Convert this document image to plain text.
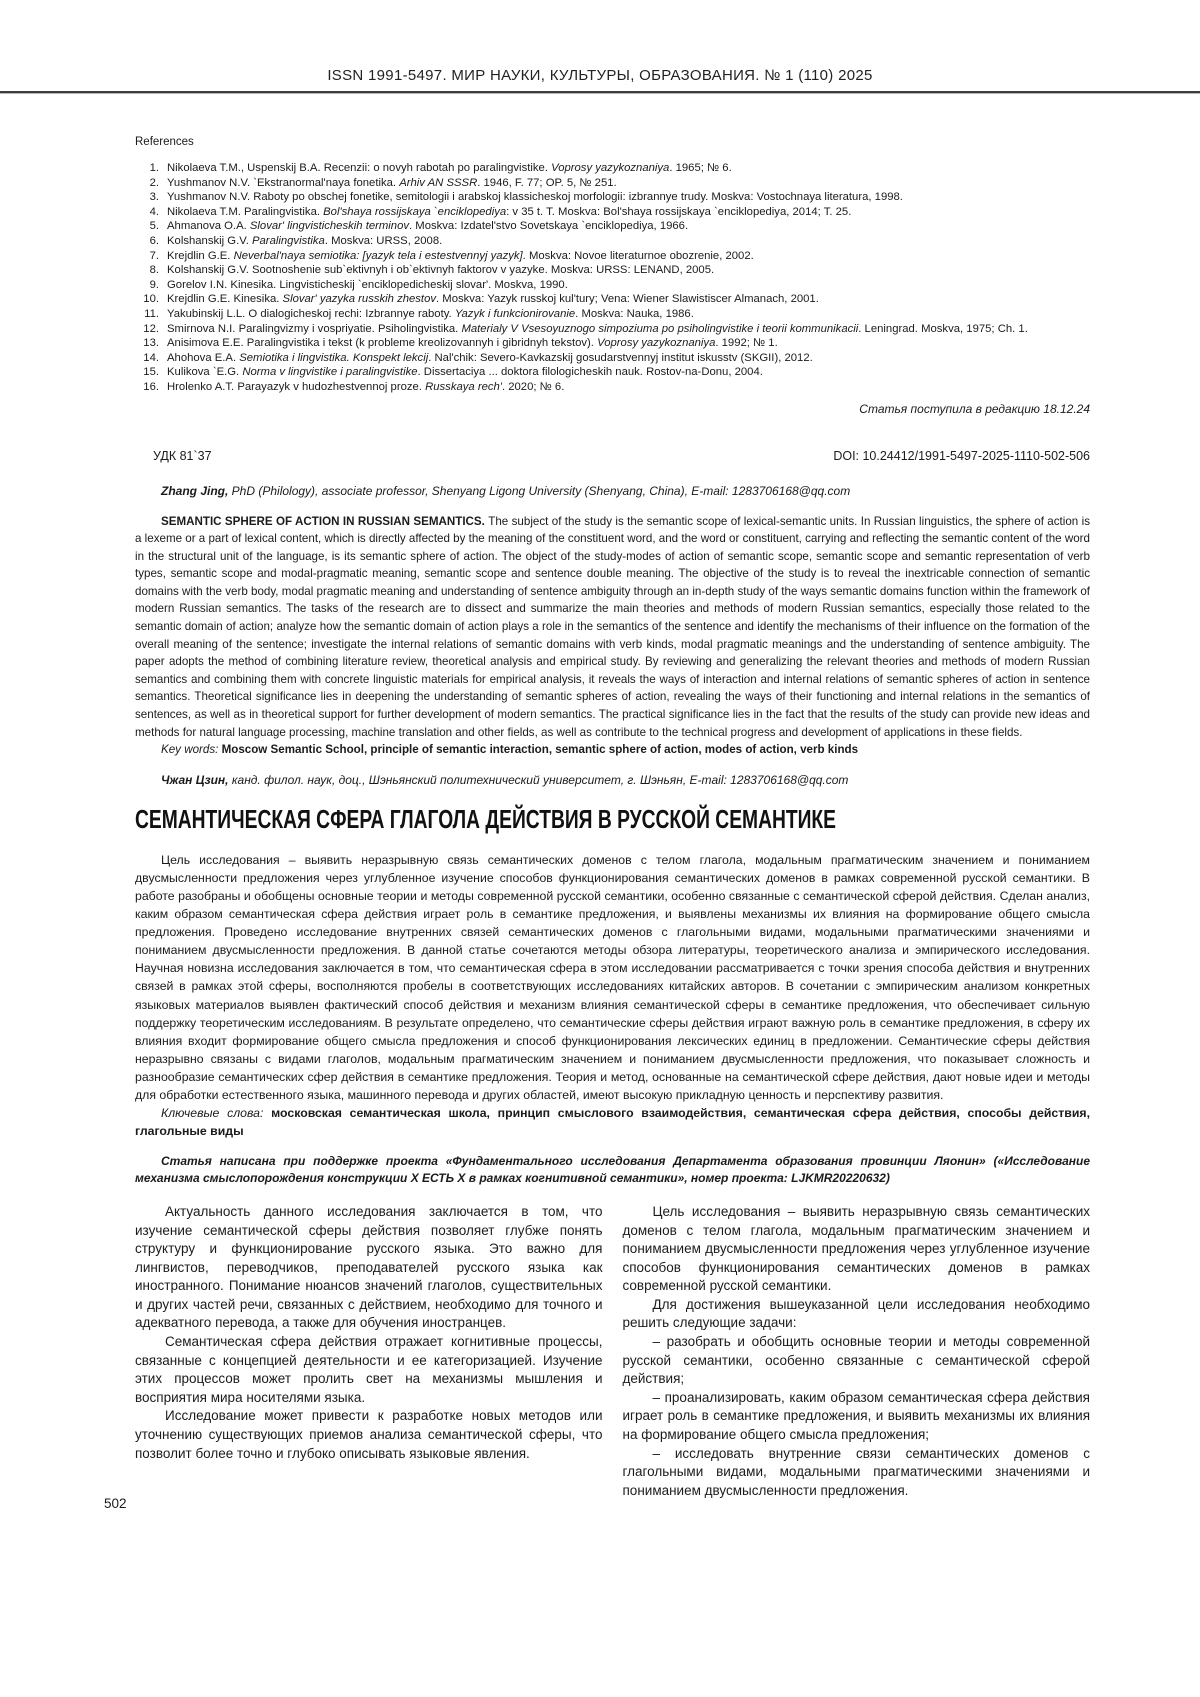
ISSN 1991-5497. МИР НАУКИ, КУЛЬТУРЫ, ОБРАЗОВАНИЯ. № 1 (110) 2025
References
1. Nikolaeva T.M., Uspenskij B.A. Recenzii: o novyh rabotah po paralingvistike. Voprosy yazykoznaniya. 1965; № 6.
2. Yushmanov N.V. `Ekstranormal'naya fonetika. Arhiv AN SSSR. 1946, F. 77; OP. 5, № 251.
3. Yushmanov N.V. Raboty po obschej fonetike, semitologii i arabskoj klassicheskoj morfologii: izbrannye trudy. Moskva: Vostochnaya literatura, 1998.
4. Nikolaeva T.M. Paralingvistika. Bol'shaya rossijskaya `enciklopediya: v 35 t. T. Moskva: Bol'shaya rossijskaya `enciklopediya, 2014; T. 25.
5. Ahmanova O.A. Slovar' lingvisticheskih terminov. Moskva: Izdatel'stvo Sovetskaya `enciklopediya, 1966.
6. Kolshanskij G.V. Paralingvistika. Moskva: URSS, 2008.
7. Krejdlin G.E. Neverbal'naya semiotika: [yazyk tela i estestvennyj yazyk]. Moskva: Novoe literaturnoe obozrenie, 2002.
8. Kolshanskij G.V. Sootnoshenie sub`ektivnyh i ob`ektivnyh faktorov v yazyke. Moskva: URSS: LENAND, 2005.
9. Gorelov I.N. Kinesika. Lingvisticheskij `enciklopedicheskij slovar'. Moskva, 1990.
10. Krejdlin G.E. Kinesika. Slovar' yazyka russkih zhestov. Moskva: Yazyk russkoj kul'tury; Vena: Wiener Slawistiscer Almanach, 2001.
11. Yakubinskij L.L. O dialogicheskoj rechi: Izbrannye raboty. Yazyk i funkcionirovanie. Moskva: Nauka, 1986.
12. Smirnova N.I. Paralingvizmy i vospriyatie. Psiholingvistika. Materialy V Vsesoyuznogo simpoziuma po psiholingvistike i teorii kommunikacii. Leningrad. Moskva, 1975; Ch. 1.
13. Anisimova E.E. Paralingvistika i tekst (k probleme kreolizovannyh i gibridnyh tekstov). Voprosy yazykoznaniya. 1992; № 1.
14. Ahohova E.A. Semiotika i lingvistika. Konspekt lekcij. Nal'chik: Severo-Kavkazskij gosudarstvennyj institut iskusstv (SKGII), 2012.
15. Kulikova `E.G. Norma v lingvistike i paralingvistike. Dissertaciya ... doktora filologicheskih nauk. Rostov-na-Donu, 2004.
16. Hrolenko A.T. Parayazyk v hudozhestvennoj proze. Russkaya rech'. 2020; № 6.
Статья поступила в редакцию 18.12.24
УДК 81`37	DOI: 10.24412/1991-5497-2025-1110-502-506
Zhang Jing, PhD (Philology), associate professor, Shenyang Ligong University (Shenyang, China), E-mail: 1283706168@qq.com
SEMANTIC SPHERE OF ACTION IN RUSSIAN SEMANTICS. The subject of the study is the semantic scope of lexical-semantic units. In Russian linguistics, the sphere of action is a lexeme or a part of lexical content, which is directly affected by the meaning of the constituent word, and the word or constituent, carrying and reflecting the semantic content of the word in the structural unit of the language, is its semantic sphere of action. The object of the study-modes of action of semantic scope, semantic scope and semantic representation of verb types, semantic scope and modal-pragmatic meaning, semantic scope and sentence double meaning. The objective of the study is to reveal the inextricable connection of semantic domains with the verb body, modal pragmatic meaning and understanding of sentence ambiguity through an in-depth study of the ways semantic domains function within the framework of modern Russian semantics. The tasks of the research are to dissect and summarize the main theories and methods of modern Russian semantics, especially those related to the semantic domain of action; analyze how the semantic domain of action plays a role in the semantics of the sentence and identify the mechanisms of their influence on the formation of the overall meaning of the sentence; investigate the internal relations of semantic domains with verb kinds, modal pragmatic meanings and the understanding of sentence ambiguity. The paper adopts the method of combining literature review, theoretical analysis and empirical study. By reviewing and generalizing the relevant theories and methods of modern Russian semantics and combining them with concrete linguistic materials for empirical analysis, it reveals the ways of interaction and internal relations of semantic spheres of action in sentence semantics. Theoretical significance lies in deepening the understanding of semantic spheres of action, revealing the ways of their functioning and internal relations in the semantics of sentences, as well as in theoretical support for further development of modern semantics. The practical significance lies in the fact that the results of the study can provide new ideas and methods for natural language processing, machine translation and other fields, as well as contribute to the technical progress and development of applications in these fields.
Key words: Moscow Semantic School, principle of semantic interaction, semantic sphere of action, modes of action, verb kinds
Чжан Цзин, канд. филол. наук, доц., Шэньянский политехнический университет, г. Шэньян, E-mail: 1283706168@qq.com
СЕМАНТИЧЕСКАЯ СФЕРА ГЛАГОЛА ДЕЙСТВИЯ В РУССКОЙ СЕМАНТИКЕ
Цель исследования – выявить неразрывную связь семантических доменов с телом глагола, модальным прагматическим значением и пониманием двусмысленности предложения через углубленное изучение способов функционирования семантических доменов в рамках современной русской семантики. В работе разобраны и обобщены основные теории и методы современной русской семантики, особенно связанные с семантической сферой действия. Сделан анализ, каким образом семантическая сфера действия играет роль в семантике предложения, и выявлены механизмы их влияния на формирование общего смысла предложения. Проведено исследование внутренних связей семантических доменов с глагольными видами, модальными прагматическими значениями и пониманием двусмысленности предложения. В данной статье сочетаются методы обзора литературы, теоретического анализа и эмпирического исследования. Научная новизна исследования заключается в том, что семантическая сфера в этом исследовании рассматривается с точки зрения способа действия и внутренних связей в рамках этой сферы, восполняются пробелы в соответствующих исследованиях китайских авторов. В сочетании с эмпирическим анализом конкретных языковых материалов выявлен фактический способ действия и механизм влияния семантической сферы в семантике предложения, что обеспечивает сильную поддержку теоретическим исследованиям. В результате определено, что семантические сферы действия играют важную роль в семантике предложения, в сферу их влияния входит формирование общего смысла предложения и способ функционирования лексических единиц в предложении. Семантические сферы действия неразрывно связаны с видами глаголов, модальным прагматическим значением и пониманием двусмысленности предложения, что показывает сложность и разнообразие семантических сфер действия в семантике предложения. Теория и метод, основанные на семантической сфере действия, дают новые идеи и методы для обработки естественного языка, машинного перевода и других областей, имеют высокую прикладную ценность и перспективу развития.
Ключевые слова: московская семантическая школа, принцип смыслового взаимодействия, семантическая сфера действия, способы действия, глагольные виды
Статья написана при поддержке проекта «Фундаментального исследования Департамента образования провинции Ляонин» («Исследование механизма смыслопорождения конструкции Х ЕСТЬ Х в рамках когнитивной семантики», номер проекта: LJKMR20220632)

Актуальность данного исследования заключается в том, что изучение семантической сферы действия позволяет глубже понять структуру и функционирование русского языка. Это важно для лингвистов, переводчиков, преподавателей русского языка как иностранного. Понимание нюансов значений глаголов, существительных и других частей речи, связанных с действием, необходимо для точного и адекватного перевода, а также для обучения иностранцев.

Семантическая сфера действия отражает когнитивные процессы, связанные с концепцией деятельности и ее категоризацией. Изучение этих процессов может пролить свет на механизмы мышления и восприятия мира носителями языка.

Исследование может привести к разработке новых методов или уточнению существующих приемов анализа семантической сферы, что позволит более точно и глубоко описывать языковые явления.

Цель исследования – выявить неразрывную связь семантических доменов с телом глагола, модальным прагматическим значением и пониманием двусмысленности предложения через углубленное изучение способов функционирования семантических доменов в рамках современной русской семантики.

Для достижения вышеуказанной цели исследования необходимо решить следующие задачи:

– разобрать и обобщить основные теории и методы современной русской семантики, особенно связанные с семантической сферой действия;

– проанализировать, каким образом семантическая сфера действия играет роль в семантике предложения, и выявить механизмы их влияния на формирование общего смысла предложения;

– исследовать внутренние связи семантических доменов с глагольными видами, модальными прагматическими значениями и пониманием двусмысленности предложения.

502
